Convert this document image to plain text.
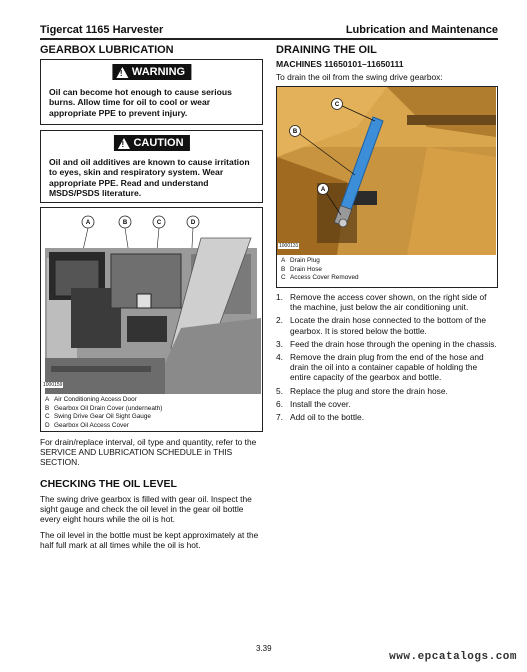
Tigercat 1165 Harvester	Lubrication and Maintenance
GEARBOX LUBRICATION
!
WARNING
Oil can become hot enough to cause serious burns. Allow time for oil to cool or wear appropriate PPE to prevent injury.
!
CAUTION
Oil and oil additives are known to cause irritation to eyes, skin and respiratory system. Wear appropriate PPE. Read and understand MSDS/PSDS literature.
A	B	C	D
1000159
A Air Conditioning Access Door
B Gearbox Oil Drain Cover (underneath)
C Swing Drive Gear Oil Sight Gauge
D Gearbox Oil Access Cover
For drain/replace interval, oil type and quantity, refer to the SERVICE AND LUBRICATION SCHEDULE in THIS SECTION.
CHECKING THE OIL LEVEL
The swing drive gearbox is filled with gear oil. Inspect the sight gauge and check the oil level in the gear oil bottle every eight hours while the oil is hot.
The oil level in the bottle must be kept approximately at the half full mark at all times while the oil is hot.
DRAINING THE OIL
MACHINES 11650101–11650111
To drain the oil from the swing drive gearbox:
C
B
A
1000131
A Drain Plug
B Drain Hose
C Access Cover Removed
1. Remove the access cover shown, on the right side of the machine, just below the air conditioning unit.
2. Locate the drain hose connected to the bottom of the gearbox. It is stored below the bottle.
3. Feed the drain hose through the opening in the chassis.
4. Remove the drain plug from the end of the hose and drain the oil into a container capable of holding the entire capacity of the gearbox and bottle.
5. Replace the plug and store the drain hose.
6. Install the cover.
7. Add oil to the bottle.
3.39
www.epcatalogs.com
